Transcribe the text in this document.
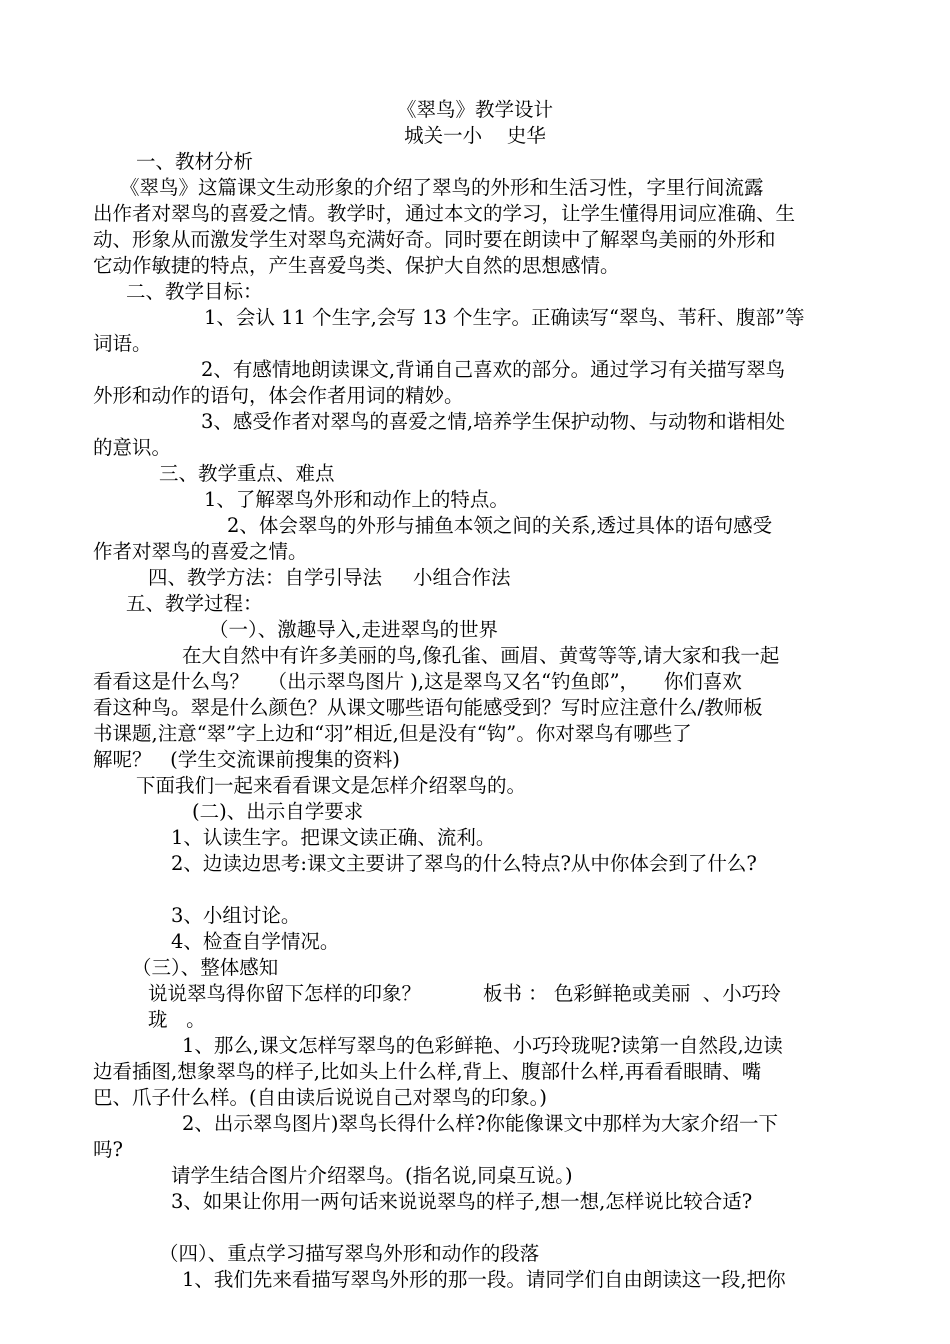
《翠鸟》教学设计
城关一小    史华
一、教材分析
《翠鸟》这篇课文生动形象的介绍了翠鸟的外形和生活习性，字里行间流露
出作者对翠鸟的喜爱之情。教学时，通过本文的学习，让学生懂得用词应准确、生
动、形象从而激发学生对翠鸟充满好奇。同时要在朗读中了解翠鸟美丽的外形和
它动作敏捷的特点，产生喜爱鸟类、保护大自然的思想感情。
二、教学目标：
1、会认 11 个生字,会写 13 个生字。正确读写“翠鸟、苇秆、腹部”等
词语。
2、有感情地朗读课文,背诵自己喜欢的部分。通过学习有关描写翠鸟
外形和动作的语句，体会作者用词的精妙。
3、感受作者对翠鸟的喜爱之情,培养学生保护动物、与动物和谐相处
的意识。
三、教学重点、难点
1、了解翠鸟外形和动作上的特点。
2、体会翠鸟的外形与捕鱼本领之间的关系,透过具体的语句感受
作者对翠鸟的喜爱之情。
四、教学方法：自学引导法     小组合作法
五、教学过程：
（一）、激趣导入,走进翠鸟的世界
在大自然中有许多美丽的鸟,像孔雀、画眉、黄莺等等,请大家和我一起
看看这是什么鸟？   （出示翠鸟图片 ),这是翠鸟又名“钓鱼郎”，    你们喜欢
看这种鸟。翠是什么颜色？从课文哪些语句能感受到？写时应注意什么/教师板
书课题,注意“翠”字上边和“羽”相近,但是没有“钩”。你对翠鸟有哪些了
解呢？   (学生交流课前搜集的资料)
下面我们一起来看看课文是怎样介绍翠鸟的。
(二)、出示自学要求
1、认读生字。把课文读正确、流利。
2、边读边思考:课文主要讲了翠鸟的什么特点?从中你体会到了什么?
3、小组讨论。
4、检查自学情况。
（三）、整体感知
说说翠鸟得你留下怎样的印象？          板书 ： 色彩鲜艳或美丽  、小巧玲
珑   。
1、那么,课文怎样写翠鸟的色彩鲜艳、小巧玲珑呢?读第一自然段,边读
边看插图,想象翠鸟的样子,比如头上什么样,背上、腹部什么样,再看看眼睛、嘴
巴、爪子什么样。(自由读后说说自己对翠鸟的印象。)
2、出示翠鸟图片)翠鸟长得什么样?你能像课文中那样为大家介绍一下
吗?
请学生结合图片介绍翠鸟。(指名说,同桌互说。)
3、如果让你用一两句话来说说翠鸟的样子,想一想,怎样说比较合适?
（四）、重点学习描写翠鸟外形和动作的段落
1、我们先来看描写翠鸟外形的那一段。请同学们自由朗读这一段,把你
